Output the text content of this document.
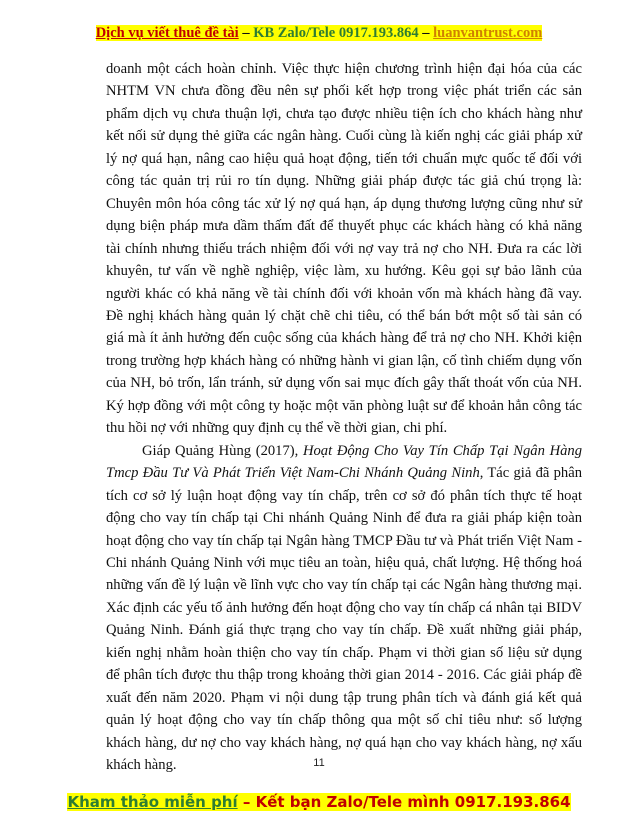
Dịch vụ viết thuê đề tài – KB Zalo/Tele 0917.193.864 – luanvantrust.com

doanh một cách hoàn chỉnh. Việc thực hiện chương trình hiện đại hóa của các NHTM VN chưa đồng đều nên sự phối kết hợp trong việc phát triển các sản phẩm dịch vụ chưa thuận lợi, chưa tạo được nhiều tiện ích cho khách hàng như kết nối sử dụng thẻ giữa các ngân hàng. Cuối cùng là kiến nghị các giải pháp xử lý nợ quá hạn, nâng cao hiệu quả hoạt động, tiến tới chuẩn mực quốc tế đối với công tác quản trị rủi ro tín dụng. Những giải pháp được tác giả chú trọng là: Chuyên môn hóa công tác xử lý nợ quá hạn, áp dụng thương lượng cũng như sử dụng biện pháp mưa dầm thấm đất để thuyết phục các khách hàng có khả năng tài chính nhưng thiếu trách nhiệm đối với nợ vay trả nợ cho NH. Đưa ra các lời khuyên, tư vấn về nghề nghiệp, việc làm, xu hướng. Kêu gọi sự bảo lãnh của người khác có khả năng về tài chính đối với khoản vốn mà khách hàng đã vay. Đề nghị khách hàng quản lý chặt chẽ chi tiêu, có thể bán bớt một số tài sản có giá mà ít ảnh hưởng đến cuộc sống của khách hàng để trả nợ cho NH. Khởi kiện trong trường hợp khách hàng có những hành vi gian lận, cố tình chiếm dụng vốn của NH, bỏ trốn, lẩn tránh, sử dụng vốn sai mục đích gây thất thoát vốn của NH. Ký hợp đồng với một công ty hoặc một văn phòng luật sư để khoản hẳn công tác thu hồi nợ với những quy định cụ thể về thời gian, chi phí.

Giáp Quảng Hùng (2017), Hoạt Động Cho Vay Tín Chấp Tại Ngân Hàng Tmcp Đầu Tư Và Phát Triển Việt Nam-Chi Nhánh Quảng Ninh, Tác giả đã phân tích cơ sở lý luận hoạt động vay tín chấp, trên cơ sở đó phân tích thực tế hoạt động cho vay tín chấp tại Chi nhánh Quảng Ninh để đưa ra giải pháp kiện toàn hoạt động cho vay tín chấp tại Ngân hàng TMCP Đầu tư và Phát triển Việt Nam - Chi nhánh Quảng Ninh với mục tiêu an toàn, hiệu quả, chất lượng. Hệ thống hoá những vấn đề lý luận về lĩnh vực cho vay tín chấp tại các Ngân hàng thương mại. Xác định các yếu tố ảnh hưởng đến hoạt động cho vay tín chấp cá nhân tại BIDV Quảng Ninh. Đánh giá thực trạng cho vay tín chấp. Đề xuất những giải pháp, kiến nghị nhằm hoàn thiện cho vay tín chấp. Phạm vi thời gian số liệu sử dụng để phân tích được thu thập trong khoảng thời gian 2014 - 2016. Các giải pháp đề xuất đến năm 2020. Phạm vi nội dung tập trung phân tích và đánh giá kết quả quản lý hoạt động cho vay tín chấp thông qua một số chỉ tiêu như: số lượng khách hàng, dư nợ cho vay khách hàng, nợ quá hạn cho vay khách hàng, nợ xấu khách hàng.	11
Kham thảo miễn phí – Kết bạn Zalo/Tele mình 0917.193.864
